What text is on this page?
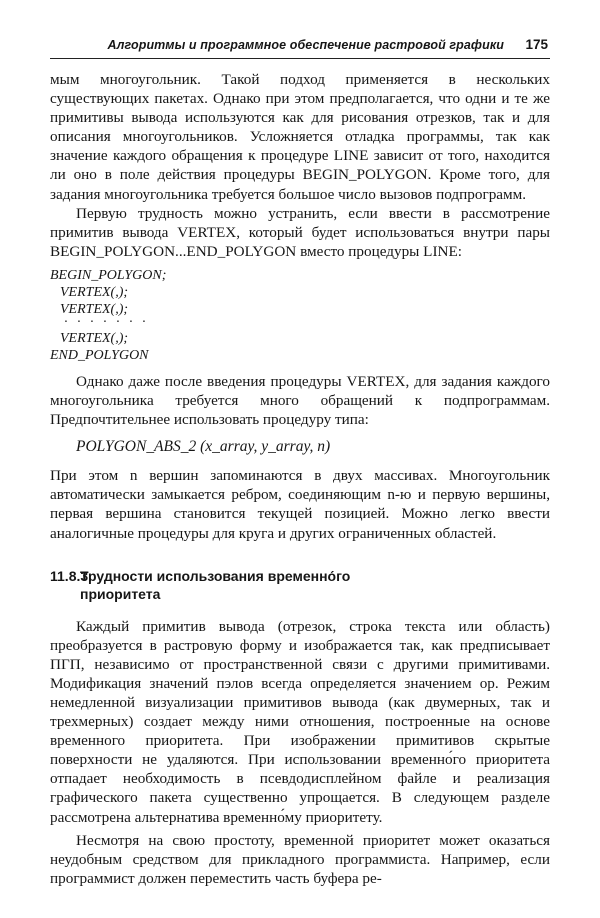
Алгоритмы и программное обеспечение растровой графики 175

мым многоугольник. Такой подход применяется в нескольких существующих пакетах. Однако при этом предполагается, что одни и те же примитивы вывода используются как для рисования отрезков, так и для описания многоугольников. Усложняется отладка программы, так как значение каждого обращения к процедуре LINE зависит от того, находится ли оно в поле действия процедуры BEGIN_POLYGON. Кроме того, для задания многоугольника требуется большое число вызовов подпрограмм.

Первую трудность можно устранить, если ввести в рассмотрение примитив вывода VERTEX, который будет использоваться внутри пары BEGIN_POLYGON...END_POLYGON вместо процедуры LINE:

BEGIN_POLYGON;
VERTEX(,);
VERTEX(,);
· · · · · · ·
VERTEX(,);
END_POLYGON

Однако даже после введения процедуры VERTEX, для задания каждого многоугольника требуется много обращений к подпрограммам. Предпочтительнее использовать процедуру типа:

POLYGON_ABS_2 (x_array, y_array, n)

При этом n вершин запоминаются в двух массивах. Многоугольник автоматически замыкается ребром, соединяющим n-ю и первую вершины, первая вершина становится текущей позицией. Можно легко ввести аналогичные процедуры для круга и других ограниченных областей.

11.8.3.Трудности использования временно́го
приоритета

Каждый примитив вывода (отрезок, строка текста или область) преобразуется в растровую форму и изображается так, как предписывает ПГП, независимо от пространственной связи с другими примитивами. Модификация значений пэлов всегда определяется значением op. Режим немедленной визуализации примитивов вывода (как двумерных, так и трехмерных) создает между ними отношения, построенные на основе временного приоритета. При изображении примитивов скрытые поверхности не удаляются. При использовании временно́го приоритета отпадает необходимость в псевдодисплейном файле и реализация графического пакета существенно упрощается. В следующем разделе рассмотрена альтернатива временно́му приоритету.

Несмотря на свою простоту, временной приоритет может оказаться неудобным средством для прикладного программиста. Например, если программист должен переместить часть буфера ре-
